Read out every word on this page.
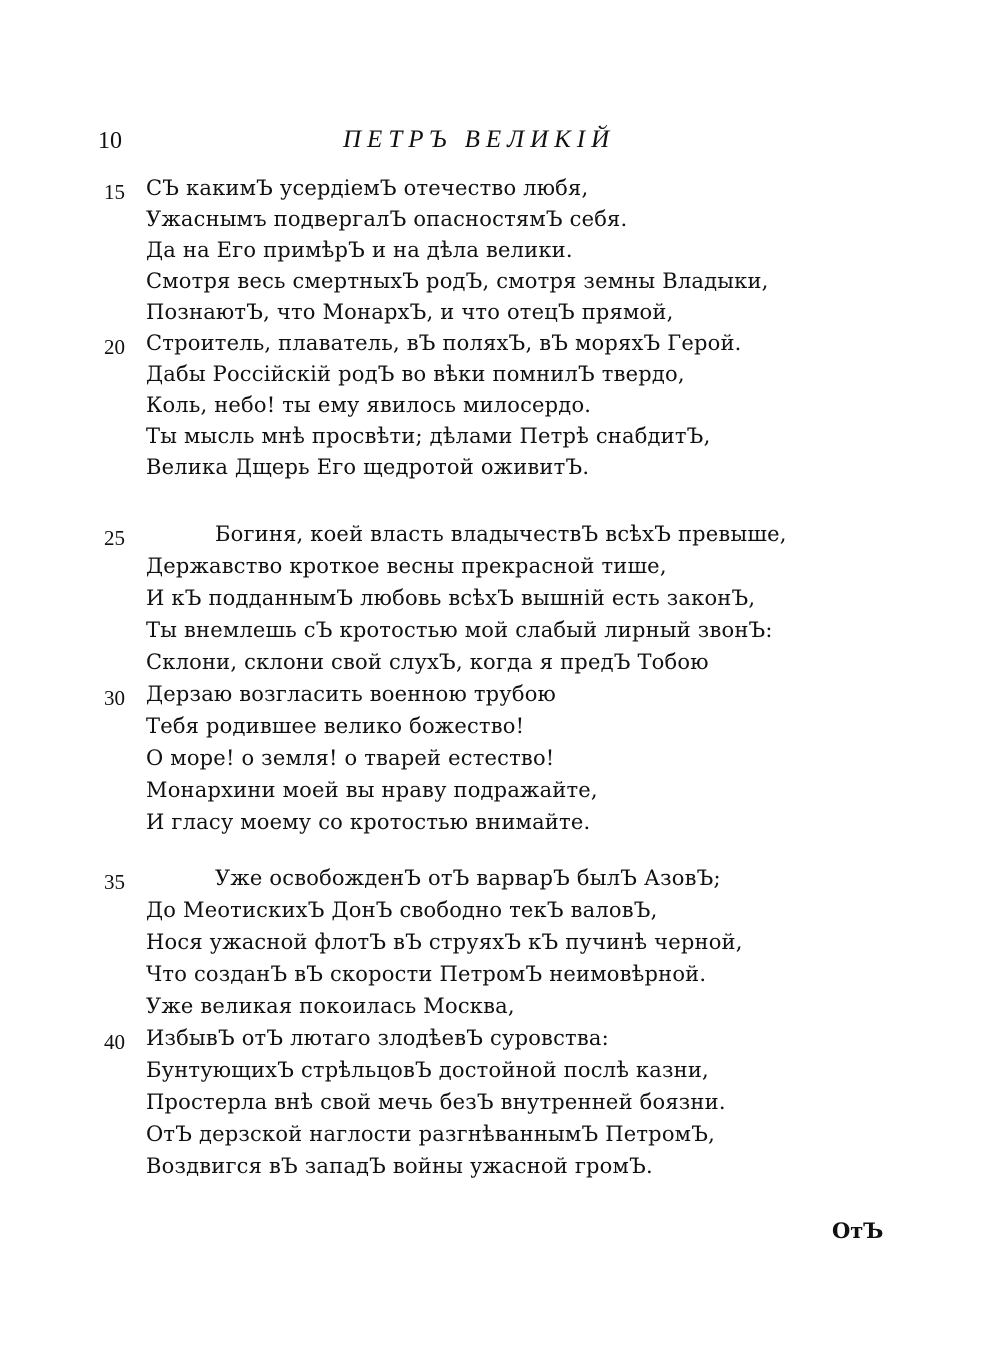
10	ПЕТРЪ ВЕЛИКІЙ
15	СЪ какимЪ усердіемЪ отечество любя,
Ужаснымъ подвергалЪ опасностямЪ себя.
Да на Его примѣрЪ и на дѣла велики.
Смотря весь смертныхЪ родЪ, смотря земны Владыки,
ПознаютЪ, что МонархЪ, и что отецЪ прямой,
20	Строитель, плаватель, вЪ поляхЪ, вЪ моряхЪ Герой.
Дабы Россійскій родЪ во вѣки помнилЪ твердо,
Коль, небо! ты ему явилось милосердо.
Ты мысль мнѣ просвѣти; дѣлами Петрѣ снабдитЪ,
Велика Дщерь Его щедротой оживитЪ.
25	Богиня, коей власть владычествЪ всѣхЪ превыше,
Державство кроткое весны прекрасной тише,
И кЪ подданнымЪ любовь всѣхЪ вышній есть законЪ,
Ты внемлешь сЪ кротостью мой слабый лирный звонЪ:
Склони, склони свой слухЪ, когда я предЪ Тобою
30	Дерзаю возгласить военною трубою
Тебя родившее велико божество!
О море! о земля! о тварей естество!
Монархини моей вы нраву подражайте,
И гласу моему со кротостью внимайте.
35	Уже освобожденЪ отЪ варварЪ былЪ АзовЪ;
До МеотискихЪ ДонЪ свободно текЪ валовЪ,
Нося ужасной флотЪ вЪ струяхЪ кЪ пучинѣ черной,
Что созданЪ вЪ скорости ПетромЪ неимовѣрной.
Уже великая покоилась Москва,
40	ИзбывЪ отЪ лютаго злодѣевЪ суровства:
БунтующихЪ стрѣльцовЪ достойной послѣ казни,
Простерла внѣ свой мечь безЪ внутренней боязни.
ОтЪ дерзской наглости разгнѣваннымЪ ПетромЪ,
Воздвигся вЪ западЪ войны ужасной громЪ.
ОтЪ
